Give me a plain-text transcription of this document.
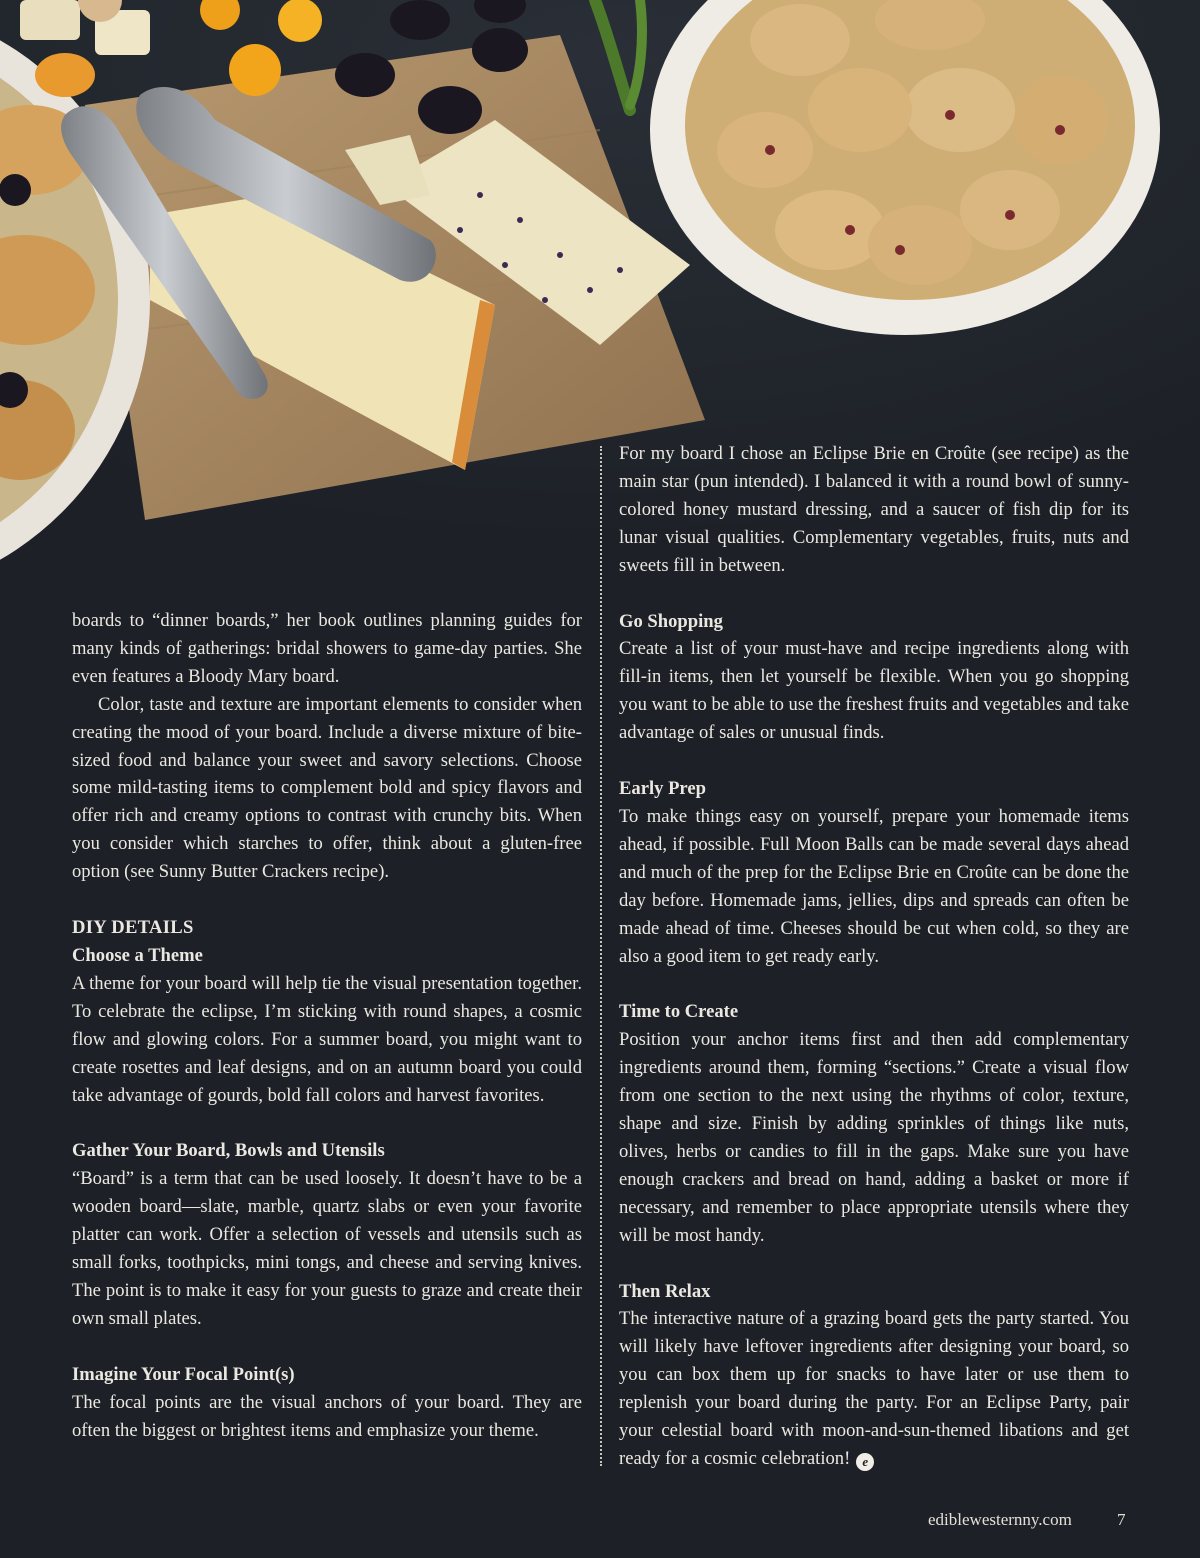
boards to “dinner boards,” her book outlines planning guides for many kinds of gatherings: bridal showers to game-day parties. She even features a Bloody Mary board.

Color, taste and texture are important elements to consider when creating the mood of your board. Include a diverse mixture of bite-sized food and balance your sweet and savory selections. Choose some mild-tasting items to complement bold and spicy flavors and offer rich and creamy options to contrast with crunchy bits. When you consider which starches to offer, think about a gluten-free option (see Sunny Butter Crackers recipe).

DIY DETAILS
Choose a Theme

A theme for your board will help tie the visual presentation together. To celebrate the eclipse, I’m sticking with round shapes, a cosmic flow and glowing colors. For a summer board, you might want to create rosettes and leaf designs, and on an autumn board you could take advantage of gourds, bold fall colors and harvest favorites.

Gather Your Board, Bowls and Utensils

“Board” is a term that can be used loosely. It doesn’t have to be a wooden board—slate, marble, quartz slabs or even your favorite platter can work. Offer a selection of vessels and utensils such as small forks, toothpicks, mini tongs, and cheese and serving knives. The point is to make it easy for your guests to graze and create their own small plates.

Imagine Your Focal Point(s)

The focal points are the visual anchors of your board. They are often the biggest or brightest items and emphasize your theme.

For my board I chose an Eclipse Brie en Croûte (see recipe) as the main star (pun intended). I balanced it with a round bowl of sunny-colored honey mustard dressing, and a saucer of fish dip for its lunar visual qualities. Complementary vegetables, fruits, nuts and sweets fill in between.

Go Shopping

Create a list of your must-have and recipe ingredients along with fill-in items, then let yourself be flexible. When you go shopping you want to be able to use the freshest fruits and vegetables and take advantage of sales or unusual finds.

Early Prep

To make things easy on yourself, prepare your homemade items ahead, if possible. Full Moon Balls can be made several days ahead and much of the prep for the Eclipse Brie en Croûte can be done the day before. Homemade jams, jellies, dips and spreads can often be made ahead of time. Cheeses should be cut when cold, so they are also a good item to get ready early.

Time to Create

Position your anchor items first and then add complementary ingredients around them, forming “sections.” Create a visual flow from one section to the next using the rhythms of color, texture, shape and size. Finish by adding sprinkles of things like nuts, olives, herbs or candies to fill in the gaps. Make sure you have enough crackers and bread on hand, adding a basket or more if necessary, and remember to place appropriate utensils where they will be most handy.

Then Relax

The interactive nature of a grazing board gets the party started. You will likely have leftover ingredients after designing your board, so you can box them up for snacks to have later or use them to replenish your board during the party. For an Eclipse Party, pair your celestial board with moon-and-sun-themed libations and get ready for a cosmic celebration! e

ediblewesternny.com	7
